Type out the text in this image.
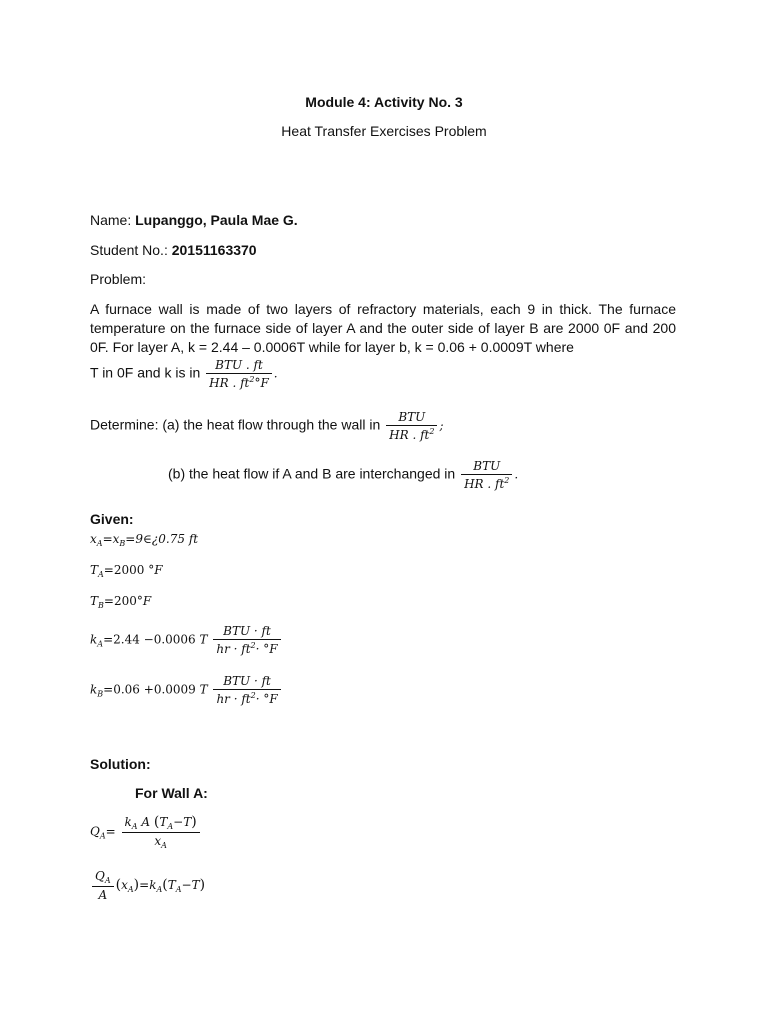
Module 4: Activity No. 3
Heat Transfer Exercises Problem
Name: Lupanggo, Paula Mae G.
Student No.: 20151163370
Problem:
A furnace wall is made of two layers of refractory materials, each 9 in thick. The furnace temperature on the furnace side of layer A and the outer side of layer B are 2000 0F and 200 0F. For layer A, k = 2.44 – 0.0006T while for layer b, k = 0.06 + 0.0009T where
T in 0F and k is in $\frac{\text{BTU . ft}}{HR . ft^2^\circ F}$ .
Determine: (a) the heat flow through the wall in $\frac{\text{BTU}}{HR . ft^2}$ ;
(b) the heat flow if A and B are interchanged in $\frac{\text{BTU}}{HR . ft^2}$ .
Given:
$x_A=x_B=9\in¿0.75$ ft
$T_A=2000$ °F
$T_B=200^\circ F$
$k_A=2.44 -0.0006$ T $\frac{\text{BTU · ft}}{hr \cdot ft^2\cdot ^\circ F}$
$k_B=0.06 +0.0009$ T $\frac{\text{BTU · ft}}{hr \cdot ft^2\cdot ^\circ F}$
Solution:
For Wall A:
$Q_A= \frac{k_A A (T_A-T)}{x_A}$
$\frac{Q_A}{A} (x_A)=k_A(T_A-T)$
